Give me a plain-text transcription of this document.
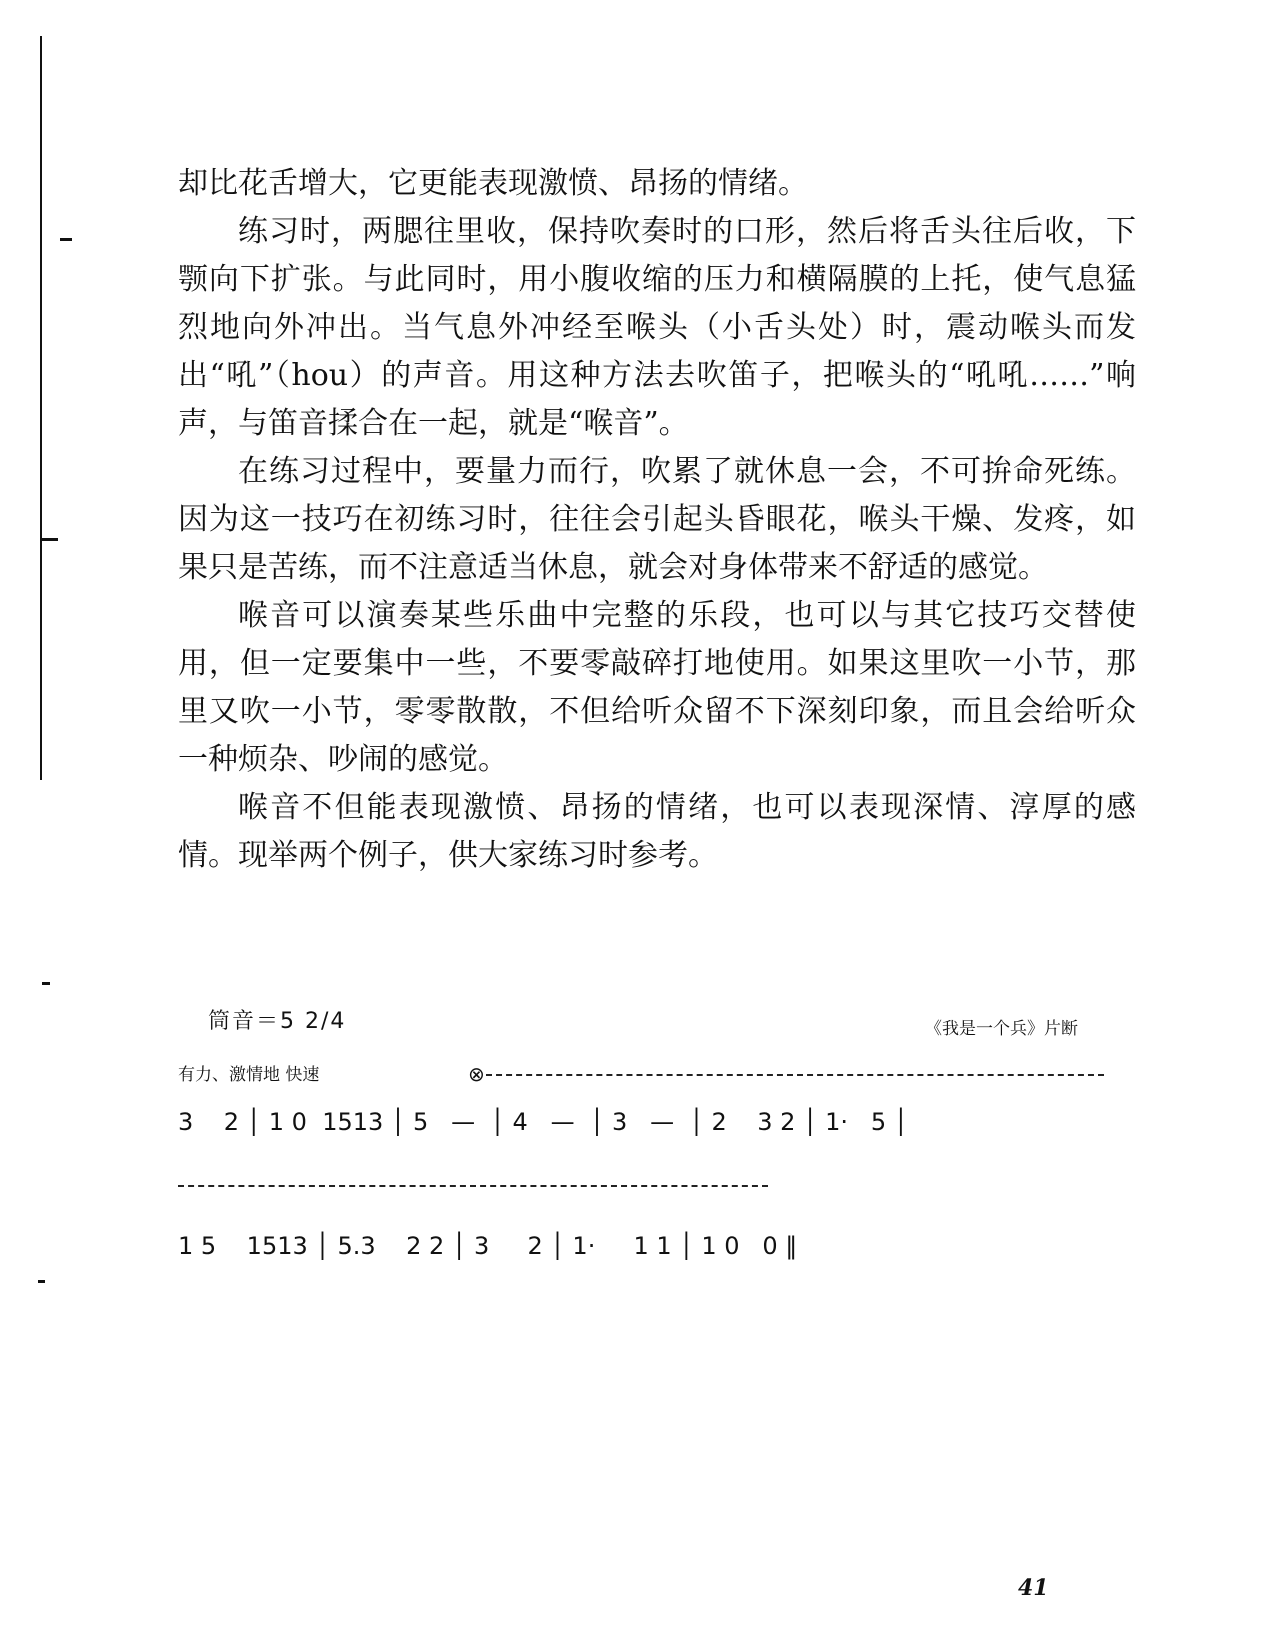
却比花舌增大，它更能表现激愤、昂扬的情绪。

练习时，两腮往里收，保持吹奏时的口形，然后将舌头往后收，下颚向下扩张。与此同时，用小腹收缩的压力和横隔膜的上托，使气息猛烈地向外冲出。当气息外冲经至喉头（小舌头处）时，震动喉头而发出“吼”（hou）的声音。用这种方法去吹笛子，把喉头的“吼吼……”响声，与笛音揉合在一起，就是“喉音”。

在练习过程中，要量力而行，吹累了就休息一会，不可拚命死练。因为这一技巧在初练习时，往往会引起头昏眼花，喉头干燥、发疼，如果只是苦练，而不注意适当休息，就会对身体带来不舒适的感觉。

喉音可以演奏某些乐曲中完整的乐段，也可以与其它技巧交替使用，但一定要集中一些，不要零敲碎打地使用。如果这里吹一小节，那里又吹一小节，零零散散，不但给听众留不下深刻印象，而且会给听众一种烦杂、吵闹的感觉。

喉音不但能表现激愤、昂扬的情绪，也可以表现深情、淳厚的感情。现举两个例子，供大家练习时参考。

筒音＝5 2/4	《我是一个兵》片断
有力、激情地 快速	⊗
3    2 │ 1 0  1513 │ 5   —  │ 4   —  │ 3   —  │ 2    3 2 │ 1·   5 │
1 5    1513 │ 5.3    2 2 │ 3     2 │ 1·     1 1 │ 1 0   0 ‖
41
